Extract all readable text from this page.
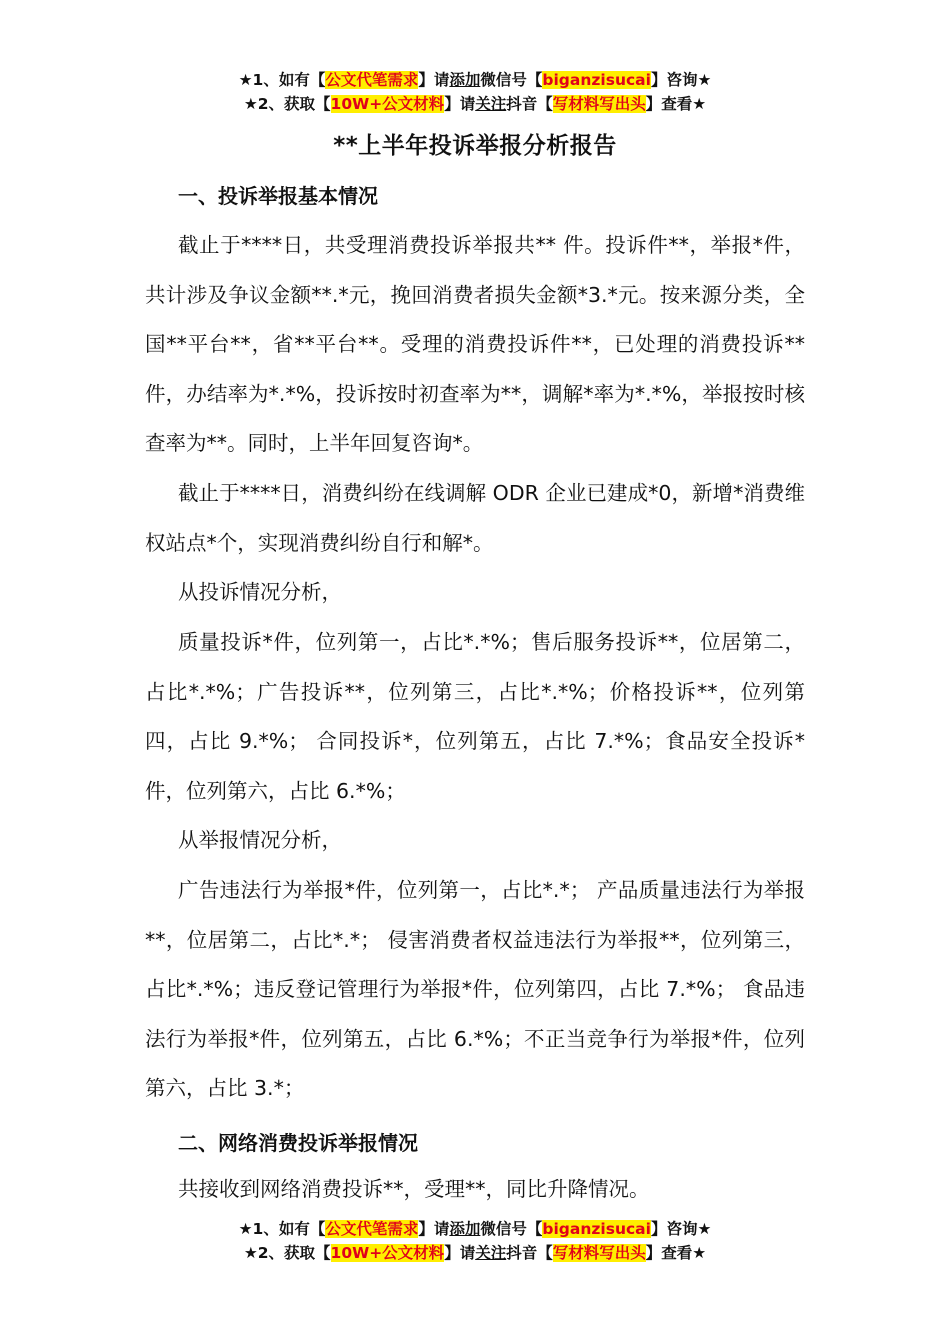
★1、如有【公文代笔需求】请添加微信号【biganzisucai】咨询★
★2、获取【10W+公文材料】请关注抖音【写材料写出头】查看★
**上半年投诉举报分析报告
一、投诉举报基本情况

截止于****日，共受理消费投诉举报共** 件。投诉件**，举报*件，共计涉及争议金额**.*元，挽回消费者损失金额*3.*元。按来源分类，全国**平台**，省**平台**。受理的消费投诉件**，已处理的消费投诉**件，办结率为*.*%，投诉按时初查率为**，调解*率为*.*%，举报按时核查率为**。同时，上半年回复咨询*。

截止于****日，消费纠纷在线调解 ODR 企业已建成*0，新增*消费维权站点*个，实现消费纠纷自行和解*。

从投诉情况分析，

质量投诉*件，位列第一，占比*.*%；售后服务投诉**，位居第二，占比*.*%；广告投诉**，位列第三，占比*.*%；价格投诉**，位列第四，占比 9.*%； 合同投诉*，位列第五，占比 7.*%；食品安全投诉* 件，位列第六，占比 6.*%；

从举报情况分析，

广告违法行为举报*件，位列第一，占比*.*； 产品质量违法行为举报**，位居第二，占比*.*； 侵害消费者权益违法行为举报**，位列第三，占比*.*%；违反登记管理行为举报*件，位列第四，占比 7.*%； 食品违法行为举报*件，位列第五，占比 6.*%；不正当竞争行为举报*件，位列第六，占比 3.*；

二、网络消费投诉举报情况

共接收到网络消费投诉**，受理**，同比升降情况。

★1、如有【公文代笔需求】请添加微信号【biganzisucai】咨询★
★2、获取【10W+公文材料】请关注抖音【写材料写出头】查看★
